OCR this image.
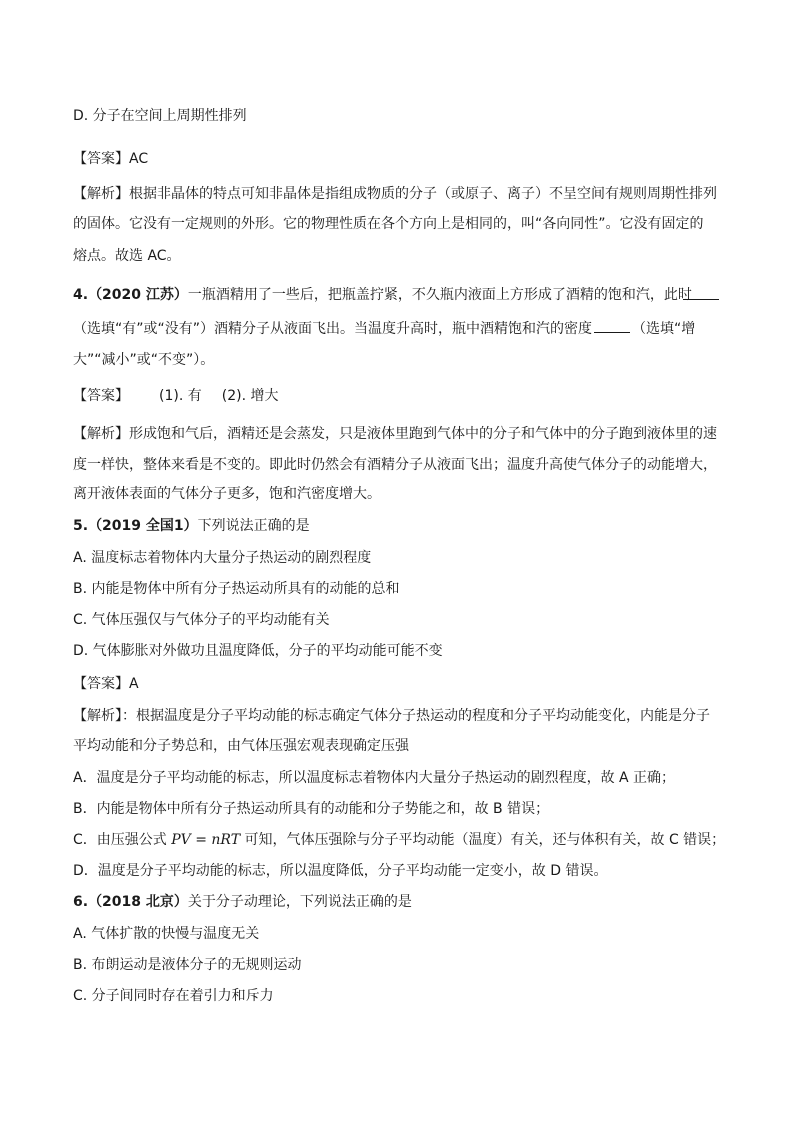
D. 分子在空间上周期性排列
【答案】AC
【解析】根据非晶体的特点可知非晶体是指组成物质的分子（或原子、离子）不呈空间有规则周期性排列
的固体。它没有一定规则的外形。它的物理性质在各个方向上是相同的，叫“各向同性”。它没有固定的
熔点。故选 AC。
4.（2020 江苏）一瓶酒精用了一些后，把瓶盖拧紧，不久瓶内液面上方形成了酒精的饱和汽，此时
（选填“有”或“没有”）酒精分子从液面飞出。当温度升高时，瓶中酒精饱和汽的密度	（选填“增
大”“减小”或“不变”）。
【答案】 (1). 有 (2). 增大
【解析】形成饱和气后，酒精还是会蒸发，只是液体里跑到气体中的分子和气体中的分子跑到液体里的速
度一样快，整体来看是不变的。即此时仍然会有酒精分子从液面飞出；温度升高使气体分子的动能增大，
离开液体表面的气体分子更多，饱和汽密度增大。
5.（2019 全国1）下列说法正确的是
A. 温度标志着物体内大量分子热运动的剧烈程度
B. 内能是物体中所有分子热运动所具有的动能的总和
C. 气体压强仅与气体分子的平均动能有关
D. 气体膨胀对外做功且温度降低，分子的平均动能可能不变
【答案】A
【解析】：根据温度是分子平均动能的标志确定气体分子热运动的程度和分子平均动能变化，内能是分子
平均动能和分子势总和，由气体压强宏观表现确定压强
A．温度是分子平均动能的标志，所以温度标志着物体内大量分子热运动的剧烈程度，故 A 正确；
B．内能是物体中所有分子热运动所具有的动能和分子势能之和，故 B 错误；
C．由压强公式 PV = nRT 可知，气体压强除与分子平均动能（温度）有关，还与体积有关，故 C 错误；
D．温度是分子平均动能的标志，所以温度降低，分子平均动能一定变小，故 D 错误。
6.（2018 北京）关于分子动理论，下列说法正确的是
A. 气体扩散的快慢与温度无关
B. 布朗运动是液体分子的无规则运动
C. 分子间同时存在着引力和斥力
